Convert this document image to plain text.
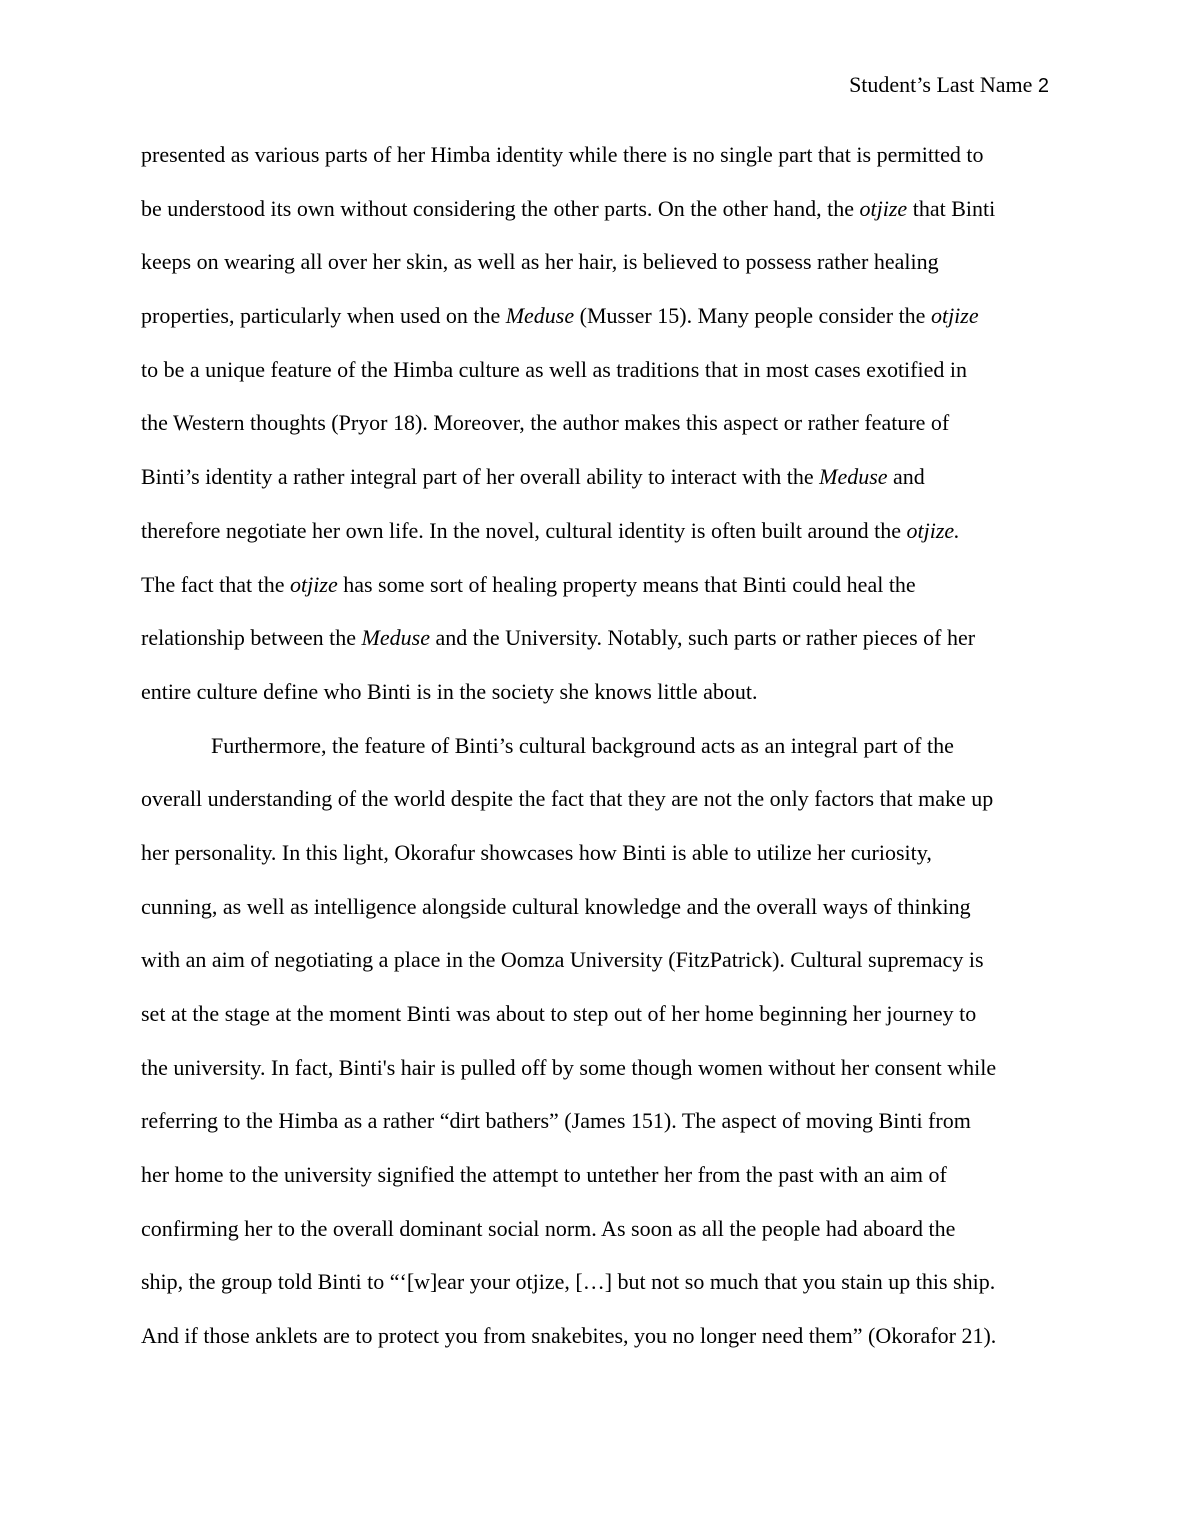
Student’s Last Name 2
presented as various parts of her Himba identity while there is no single part that is permitted to
be understood its own without considering the other parts. On the other hand, the otjize that Binti
keeps on wearing all over her skin, as well as her hair, is believed to possess rather healing
properties, particularly when used on the Meduse (Musser 15). Many people consider the otjize
to be a unique feature of the Himba culture as well as traditions that in most cases exotified in
the Western thoughts (Pryor 18). Moreover, the author makes this aspect or rather feature of
Binti’s identity a rather integral part of her overall ability to interact with the Meduse and
therefore negotiate her own life. In the novel, cultural identity is often built around the otjize.
The fact that the otjize has some sort of healing property means that Binti could heal the
relationship between the Meduse and the University. Notably, such parts or rather pieces of her
entire culture define who Binti is in the society she knows little about.
Furthermore, the feature of Binti’s cultural background acts as an integral part of the
overall understanding of the world despite the fact that they are not the only factors that make up
her personality. In this light, Okorafur showcases how Binti is able to utilize her curiosity,
cunning, as well as intelligence alongside cultural knowledge and the overall ways of thinking
with an aim of negotiating a place in the Oomza University (FitzPatrick). Cultural supremacy is
set at the stage at the moment Binti was about to step out of her home beginning her journey to
the university. In fact, Binti's hair is pulled off by some though women without her consent while
referring to the Himba as a rather “dirt bathers” (James 151). The aspect of moving Binti from
her home to the university signified the attempt to untether her from the past with an aim of
confirming her to the overall dominant social norm. As soon as all the people had aboard the
ship, the group told Binti to “‘[w]ear your otjize, […] but not so much that you stain up this ship.
And if those anklets are to protect you from snakebites, you no longer need them” (Okorafor 21).
